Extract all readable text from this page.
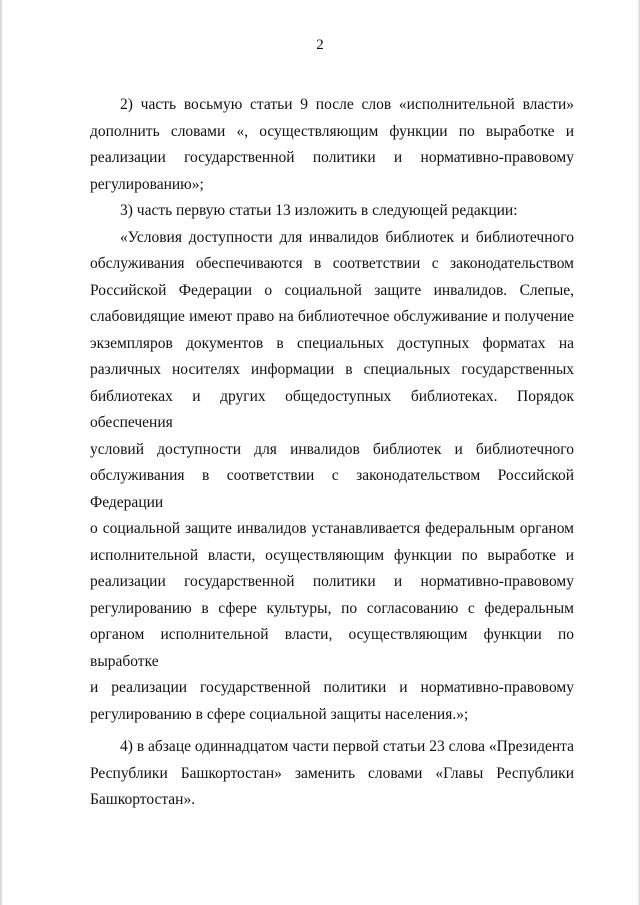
2

2) часть восьмую статьи 9 после слов «исполнительной власти»
дополнить словами «, осуществляющим функции по выработке и
реализации государственной политики и нормативно-правовому
регулированию»;

3) часть первую статьи 13 изложить в следующей редакции:

«Условия доступности для инвалидов библиотек и библиотечного
обслуживания обеспечиваются в соответствии с законодательством
Российской Федерации о социальной защите инвалидов. Слепые,
слабовидящие имеют право на библиотечное обслуживание и получение
экземпляров документов в специальных доступных форматах на
различных носителях информации в специальных государственных
библиотеках и других общедоступных библиотеках. Порядок обеспечения
условий доступности для инвалидов библиотек и библиотечного
обслуживания в соответствии с законодательством Российской Федерации
о социальной защите инвалидов устанавливается федеральным органом
исполнительной власти, осуществляющим функции по выработке и
реализации государственной политики и нормативно-правовому
регулированию в сфере культуры, по согласованию с федеральным
органом исполнительной власти, осуществляющим функции по выработке
и реализации государственной политики и нормативно-правовому
регулированию в сфере социальной защиты населения.»;

4) в абзаце одиннадцатом части первой статьи 23 слова «Президента
Республики Башкортостан» заменить словами «Главы Республики
Башкортостан».
